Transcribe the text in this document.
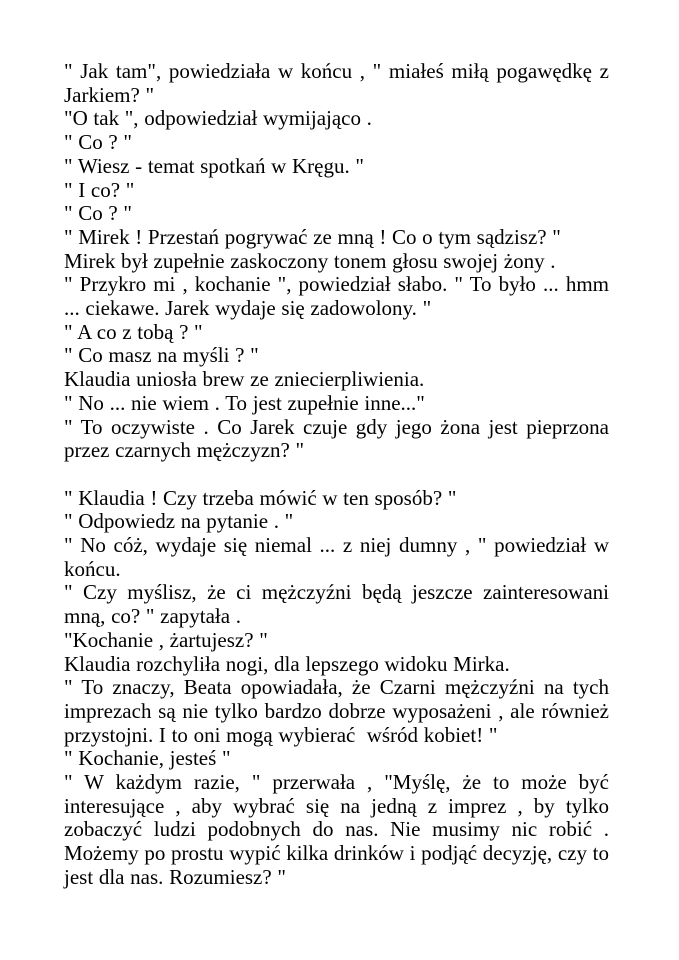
" Jak tam", powiedziała w końcu , " miałeś miłą pogawędkę z Jarkiem? "

"O tak ", odpowiedział wymijająco .

" Co ? "

" Wiesz - temat spotkań w Kręgu. "

" I co? "

" Co ? "

" Mirek ! Przestań pogrywać ze mną ! Co o tym sądzisz? "

Mirek był zupełnie zaskoczony tonem głosu swojej żony .

" Przykro mi , kochanie ", powiedział słabo. " To było ... hmm ... ciekawe. Jarek wydaje się zadowolony. "

" A co z tobą ? "

" Co masz na myśli ? "

Klaudia uniosła brew ze zniecierpliwienia.

" No ... nie wiem . To jest zupełnie inne..."

" To oczywiste . Co Jarek czuje gdy jego żona jest pieprzona przez czarnych mężczyzn? "

" Klaudia ! Czy trzeba mówić w ten sposób? "

" Odpowiedz na pytanie . "

" No cóż, wydaje się niemal ... z niej dumny , " powiedział w końcu.

" Czy myślisz, że ci mężczyźni będą jeszcze zainteresowani mną, co? " zapytała .

"Kochanie , żartujesz? "

Klaudia rozchyliła nogi, dla lepszego widoku Mirka.

" To znaczy, Beata opowiadała, że Czarni mężczyźni na tych imprezach są nie tylko bardzo dobrze wyposażeni , ale również przystojni. I to oni mogą wybierać  wśród kobiet! "

" Kochanie, jesteś "

" W każdym razie, " przerwała , "Myślę, że to może być interesujące , aby wybrać się na jedną z imprez , by tylko zobaczyć ludzi podobnych do nas. Nie musimy nic robić . Możemy po prostu wypić kilka drinków i podjąć decyzję, czy to jest dla nas. Rozumiesz? "
